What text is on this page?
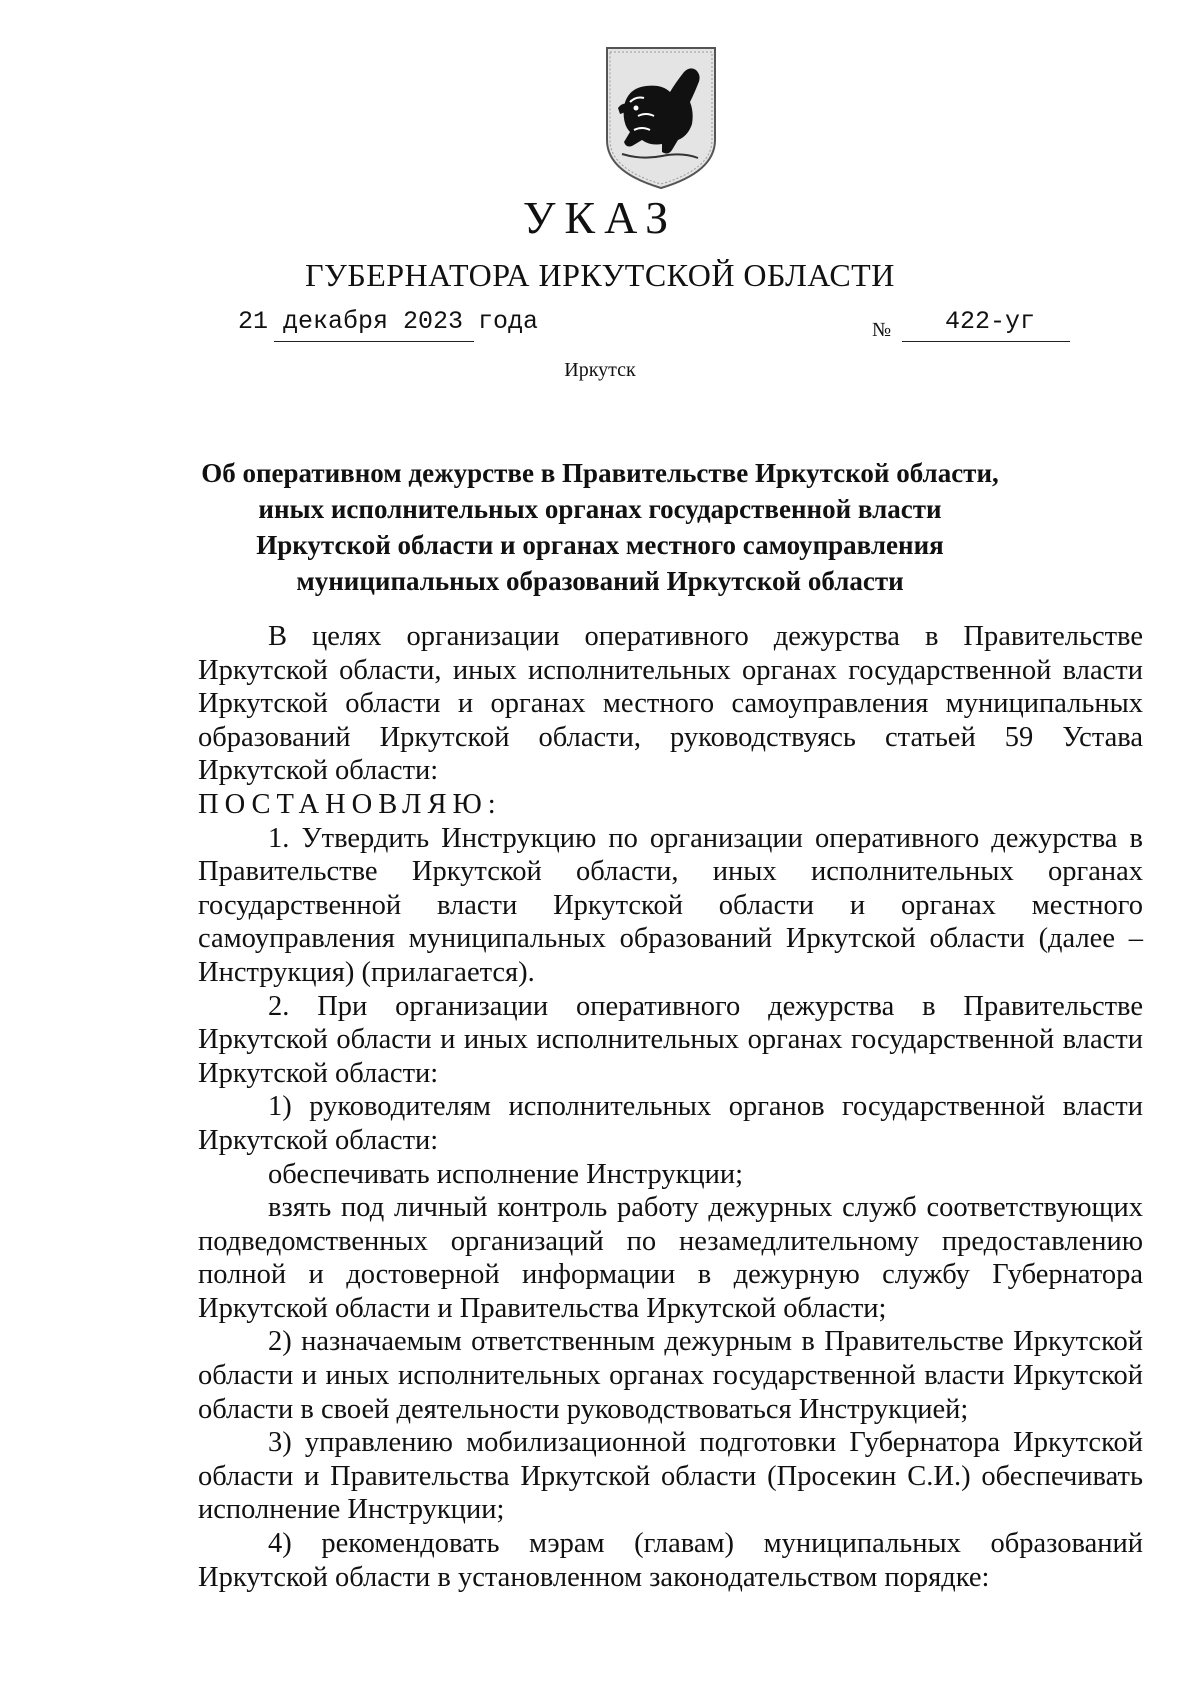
УКАЗ
ГУБЕРНАТОРА ИРКУТСКОЙ ОБЛАСТИ
21 декабря 2023 года	№ 422-уг
Иркутск
Об оперативном дежурстве в Правительстве Иркутской области, иных исполнительных органах государственной власти Иркутской области и органах местного самоуправления муниципальных образований Иркутской области

В целях организации оперативного дежурства в Правительстве Иркутской области, иных исполнительных органах государственной власти Иркутской области и органах местного самоуправления муниципальных образований Иркутской области, руководствуясь статьей 59 Устава Иркутской области:

ПОСТАНОВЛЯЮ:

1. Утвердить Инструкцию по организации оперативного дежурства в Правительстве Иркутской области, иных исполнительных органах государственной власти Иркутской области и органах местного самоуправления муниципальных образований Иркутской области (далее – Инструкция) (прилагается).

2. При организации оперативного дежурства в Правительстве Иркутской области и иных исполнительных органах государственной власти Иркутской области:

1) руководителям исполнительных органов государственной власти Иркутской области:

обеспечивать исполнение Инструкции;

взять под личный контроль работу дежурных служб соответствующих подведомственных организаций по незамедлительному предоставлению полной и достоверной информации в дежурную службу Губернатора Иркутской области и Правительства Иркутской области;

2) назначаемым ответственным дежурным в Правительстве Иркутской области и иных исполнительных органах государственной власти Иркутской области в своей деятельности руководствоваться Инструкцией;

3) управлению мобилизационной подготовки Губернатора Иркутской области и Правительства Иркутской области (Просекин С.И.) обеспечивать исполнение Инструкции;

4) рекомендовать мэрам (главам) муниципальных образований Иркутской области в установленном законодательством порядке:
